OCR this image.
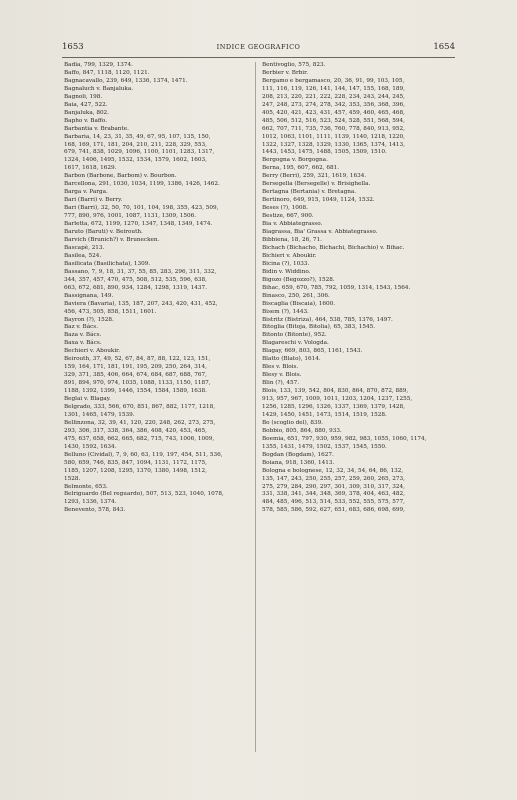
1653	INDICE GEOGRAFICO	1654
Badia, 799, 1329, 1374.
Baffo, 847, 1118, 1120, 1121.
Bagnacavallo, 239, 649, 1336, 1374, 1471.
Bagnaluch v. Banjaluka.
Bagnoli, 198.
Baia, 427, 522.
Banjaluka, 802.
Bapho v. Baffo.
Barbantia v. Brabante.
Barbaria, 14, 23, 31, 35, 49, 67, 95, 107, 135, 150,
168, 169, 171, 181, 204, 210, 211, 228, 329, 553,
679, 741, 838, 1029, 1096, 1100, 1101, 1283, 1317,
1324, 1406, 1495, 1532, 1534, 1579, 1602, 1603,
1617, 1618, 1629.
Barbon (Barbone, Barbom) v. Bourbon.
Barcellona, 291, 1030, 1034, 1199, 1386, 1426, 1462.
Barga v. Parga.
Bari (Barri) v. Berry.
Bari (Barri), 32, 50, 70, 101, 104, 198, 355, 423, 509,
777, 890, 976, 1001, 1087, 1131, 1309, 1506.
Barletta, 672, 1199, 1270, 1347, 1348, 1349, 1474.
Baruto (Baruti) v. Beirouth.
Barvich (Brunich?) v. Brunecken.
Bascapè, 213.
Basilea, 524.
Basilicata (Basilichata), 1309.
Bassano, 7, 9, 18, 31, 37, 55, 85, 283, 296, 311, 332,
344, 357, 457, 470, 475, 508, 512, 535, 596, 638,
663, 672, 681, 890, 934, 1284, 1298, 1319, 1437.
Bassignana, 149.
Baviera (Bavaria), 135, 187, 207, 243, 420, 431, 452,
456, 473, 505, 858, 1511, 1601.
Bayron (?), 1528.
Baz v. Bács.
Baza v. Bács.
Baxa v. Bács.
Bechieri v. Aboukir.
Beirouth, 37, 49, 52, 67, 84, 87, 88, 122, 123, 151,
159, 164, 171, 181, 191, 195, 209, 250, 264, 314,
329, 371, 385, 406, 664, 674, 684, 687, 688, 767,
891, 894, 970, 974, 1035, 1088, 1133, 1150, 1187,
1188, 1392, 1399, 1446, 1554, 1584, 1589, 1638.
Beglai v. Blagay.
Belgrado, 333, 566, 670, 851, 867, 882, 1177, 1218,
1301, 1465, 1479, 1539.
Bellinzona, 32, 39, 41, 120, 220, 248, 262, 273, 275,
293, 306, 317, 338, 364, 386, 408, 420, 453, 465,
475, 637, 658, 662, 665, 682, 715, 743, 1006, 1009,
1430, 1592, 1634.
Belluno (Cividal), 7, 9, 60, 63, 119, 197, 454, 511, 536,
580, 659, 746, 835, 847, 1094, 1131, 1172, 1175,
1185, 1207, 1208, 1295, 1370, 1380, 1498, 1512,
1528.
Belmonte, 653.
Belriguardo (Bel reguardo), 507, 513, 523, 1040, 1078,
1293, 1336, 1374.
Benevento, 578, 843.
Bentivoglio, 575, 823.
Berbier v. Brbir.
Bergamo e bergamasco, 20, 36, 91, 99, 103, 105,
111, 116, 119, 126, 141, 144, 147, 155, 168, 189,
208, 213, 220, 221, 222, 228, 234, 243, 244, 245,
247, 248, 273, 274, 278, 342, 353, 356, 368, 396,
405, 420, 421, 423, 431, 457, 459, 460, 465, 468,
485, 506, 512, 516, 523, 524, 528, 551, 568, 594,
662, 707, 711, 735, 736, 760, 778, 840, 913, 952,
1012, 1063, 1101, 1111, 1139, 1140, 1218, 1220,
1322, 1327, 1328, 1329, 1330, 1365, 1374, 1413,
1443, 1453, 1475, 1488, 1505, 1509, 1510.
Bergogna v. Borgogna.
Berna, 195, 607, 662, 681.
Berry (Berri), 259, 321, 1619, 1634.
Bersegella (Bersegelle) v. Brisighella.
Bertagna (Bertania) v. Bretagna.
Bertinoro, 649, 915, 1049, 1124, 1532.
Beses (?), 1008.
Bestize, 667, 900.
Bia v. Abbiategrasso.
Biagrassa, Bia' Grassa v. Abbiategrasso.
Bibbiena, 18, 26, 71.
Bichach (Bichacho, Bichachi, Bichachio) v. Bihac.
Bichieri v. Aboukir.
Bicina (?), 1033.
Bidin v. Widdino.
Bigozo (Begozzo?), 1528.
Bihac, 659, 670, 785, 792, 1059, 1314, 1543, 1564.
Binasco, 250, 261, 306.
Biscaglia (Biscaia), 1600.
Bisem (?), 1443.
Bistritz (Bistriza), 464, 538, 785, 1376, 1497.
Bitoglia (Bitoja, Bitolia), 65, 383, 1545.
Bitonto (Bitonte), 952.
Blagareschi v. Vologda.
Blagay, 669, 803, 865, 1161, 1543.
Blatto (Blato), 1614.
Bles v. Blois.
Blesy v. Blois.
Blin (?), 457.
Blois, 133, 139, 542, 804, 830, 864, 870, 872, 889,
913, 957, 967, 1009, 1011, 1203, 1204, 1237, 1255,
1256, 1285, 1296, 1326, 1337, 1369, 1379, 1428,
1429, 1450, 1451, 1473, 1514, 1519, 1528.
Bo (scoglio del), 839.
Bobbio, 805, 864, 880, 933.
Boemia, 651, 797, 930, 959, 982, 983, 1055, 1060, 1174,
1355, 1431, 1479, 1502, 1537, 1545, 1550.
Bogdan (Bogdam), 1627.
Boiana, 918, 1360, 1413.
Bologna e bolognese, 12, 32, 34, 54, 64, 86, 132,
135, 147, 243, 250, 255, 257, 259, 260, 265, 273,
275, 279, 284, 290, 297, 301, 309, 310, 317, 324,
331, 338, 341, 344, 348, 369, 378, 404, 463, 482,
484, 485, 496, 513, 514, 533, 552, 555, 575, 577,
578, 585, 586, 592, 627, 651, 683, 686, 698, 699,
